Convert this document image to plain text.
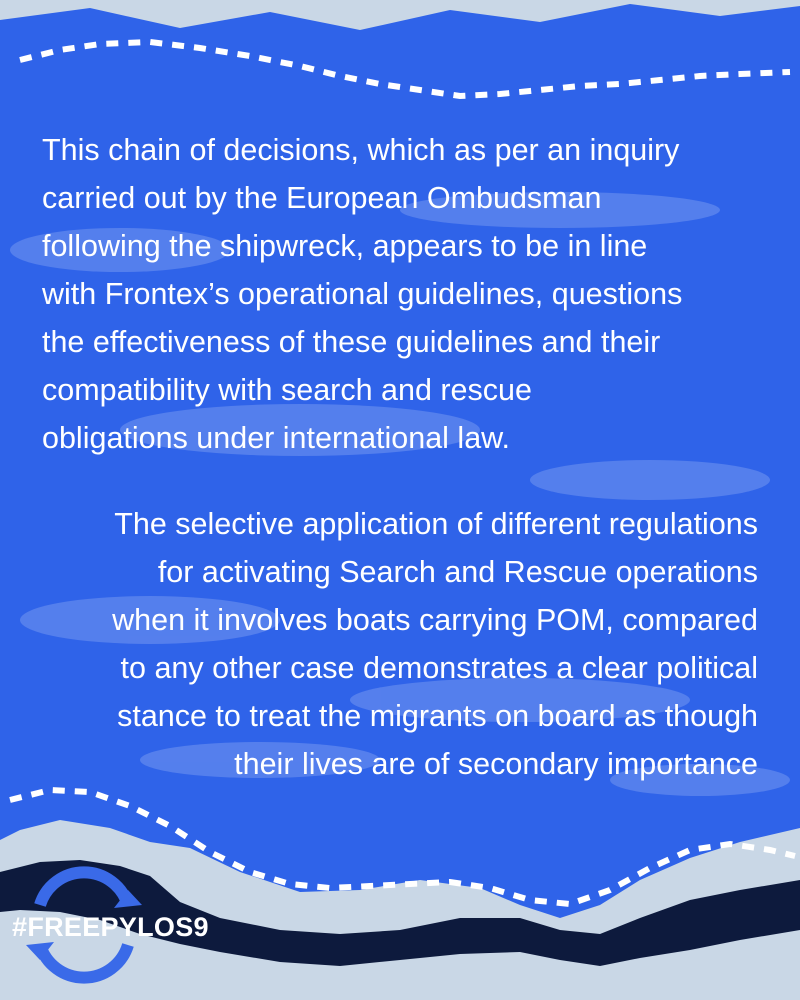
This chain of decisions, which as per an inquiry
carried out by the European Ombudsman
following the shipwreck, appears to be in line
with Frontex’s operational guidelines, questions
the effectiveness of these guidelines and their
compatibility with search and rescue
obligations under international law.

The selective application of different regulations
for activating Search and Rescue operations
when it involves boats carrying POM, compared
to any other case demonstrates a clear political
stance to treat the migrants on board as though
their lives are of secondary importance

#FREEPYLOS9
